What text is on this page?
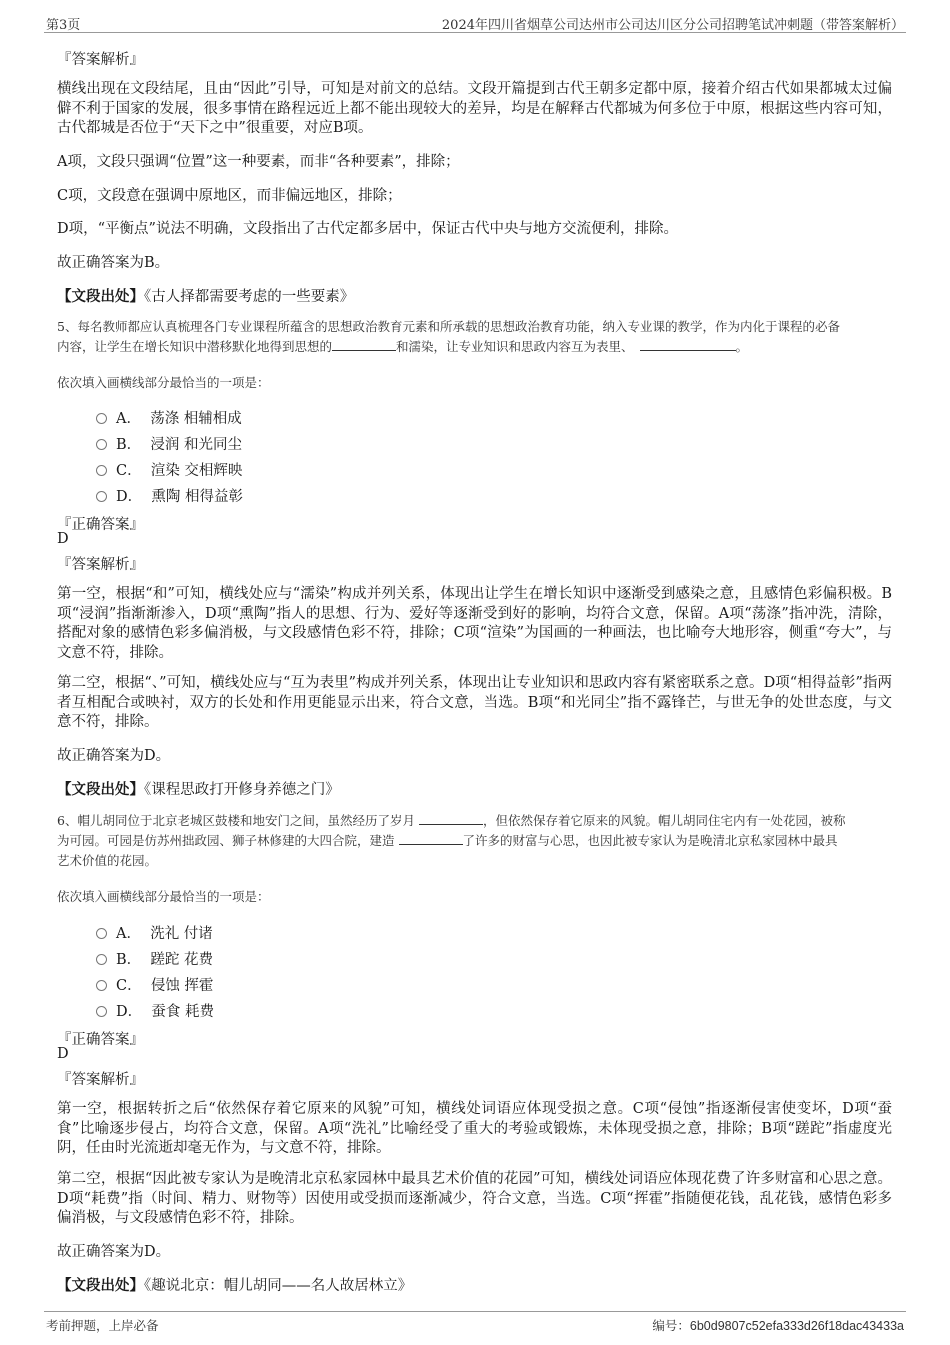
第3页	2024年四川省烟草公司达州市公司达川区分公司招聘笔试冲刺题（带答案解析）
『答案解析』
横线出现在文段结尾，且由“因此”引导，可知是对前文的总结。文段开篇提到古代王朝多定都中原，接着介绍古代如果都城太过偏僻不利于国家的发展，很多事情在路程远近上都不能出现较大的差异，均是在解释古代都城为何多位于中原，根据这些内容可知，古代都城是否位于“天下之中”很重要，对应B项。
A项，文段只强调“位置”这一种要素，而非“各种要素”，排除；
C项，文段意在强调中原地区，而非偏远地区，排除；
D项，“平衡点”说法不明确，文段指出了古代定都多居中，保证古代中央与地方交流便利，排除。
故正确答案为B。
【文段出处】《古人择都需要考虑的一些要素》
5、每名教师都应认真梳理各门专业课程所蕴含的思想政治教育元素和所承载的思想政治教育功能，纳入专业课的教学，作为内化于课程的必备
内容，让学生在增长知识中潜移默化地得到思想的	和濡染，让专业知识和思政内容互为表里、	。
依次填入画横线部分最恰当的一项是：
A． 荡涤 相辅相成
B． 浸润 和光同尘
C． 渲染 交相辉映
D． 熏陶 相得益彰
『正确答案』
D
『答案解析』
第一空，根据“和”可知，横线处应与“濡染”构成并列关系，体现出让学生在增长知识中逐渐受到感染之意，且感情色彩偏积极。B项“浸润”指渐渐渗入，D项“熏陶”指人的思想、行为、爱好等逐渐受到好的影响，均符合文意，保留。A项“荡涤”指冲洗，清除，搭配对象的感情色彩多偏消极，与文段感情色彩不符，排除；C项“渲染”为国画的一种画法，也比喻夸大地形容，侧重“夸大”，与文意不符，排除。
第二空，根据“、”可知，横线处应与“互为表里”构成并列关系，体现出让专业知识和思政内容有紧密联系之意。D项“相得益彰”指两者互相配合或映衬，双方的长处和作用更能显示出来，符合文意，当选。B项“和光同尘”指不露锋芒，与世无争的处世态度，与文意不符，排除。
故正确答案为D。
【文段出处】《课程思政打开修身养德之门》
6、帽儿胡同位于北京老城区鼓楼和地安门之间，虽然经历了岁月	，但依然保存着它原来的风貌。帽儿胡同住宅内有一处花园，被称
为可园。可园是仿苏州拙政园、狮子林修建的大四合院，建造	了许多的财富与心思，也因此被专家认为是晚清北京私家园林中最具
艺术价值的花园。
依次填入画横线部分最恰当的一项是：
A． 洗礼 付诸
B． 蹉跎 花费
C． 侵蚀 挥霍
D． 蚕食 耗费
『正确答案』
D
『答案解析』
第一空，根据转折之后“依然保存着它原来的风貌”可知，横线处词语应体现受损之意。C项“侵蚀”指逐渐侵害使变坏，D项“蚕食”比喻逐步侵占，均符合文意，保留。A项“洗礼”比喻经受了重大的考验或锻炼，未体现受损之意，排除；B项“蹉跎”指虚度光阴，任由时光流逝却毫无作为，与文意不符，排除。
第二空，根据“因此被专家认为是晚清北京私家园林中最具艺术价值的花园”可知，横线处词语应体现花费了许多财富和心思之意。D项“耗费”指（时间、精力、财物等）因使用或受损而逐渐减少，符合文意，当选。C项“挥霍”指随便花钱，乱花钱，感情色彩多偏消极，与文段感情色彩不符，排除。
故正确答案为D。
【文段出处】《趣说北京：帽儿胡同——名人故居林立》
考前押题，上岸必备	编号：6b0d9807c52efa333d26f18dac43433a
